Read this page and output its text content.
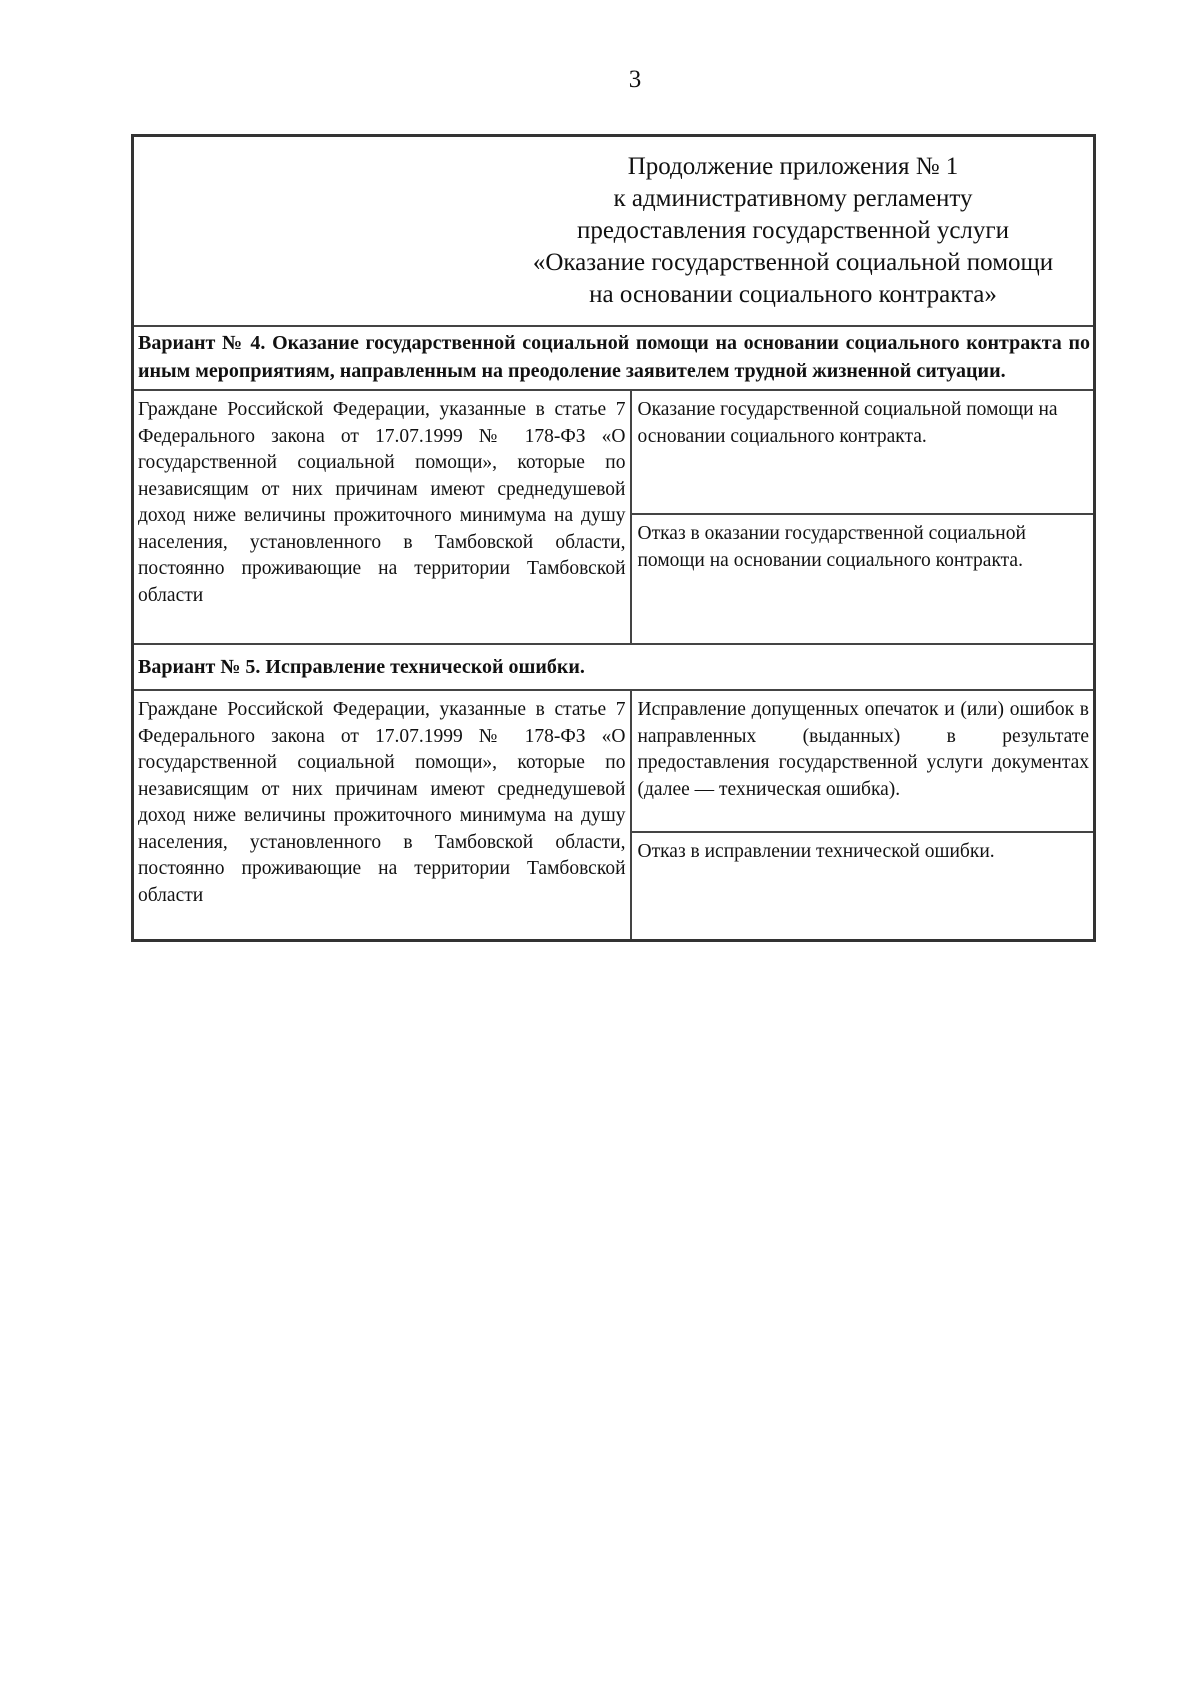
3
Продолжение приложения № 1
к административному регламенту
предоставления государственной услуги
«Оказание государственной социальной помощи
на основании социального контракта»	

Вариант № 4. Оказание государственной социальной помощи на основании социального контракта по иным мероприятиям, направленным на преодоление заявителем трудной жизненной ситуации.	
Граждане Российской Федерации, указанные в статье 7 Федерального закона от 17.07.1999 № 178-ФЗ «О государственной социальной помощи», которые по независящим от них причинам имеют среднедушевой доход ниже величины прожиточного минимума на душу населения, установленного в Тамбовской области, постоянно проживающие на территории Тамбовской области	Оказание государственной социальной помощи на основании социального контракта.
	Отказ в оказании государственной социальной помощи на основании социального контракта.
Вариант № 5. Исправление технической ошибки.	
Граждане Российской Федерации, указанные в статье 7 Федерального закона от 17.07.1999 № 178-ФЗ «О государственной социальной помощи», которые по независящим от них причинам имеют среднедушевой доход ниже величины прожиточного минимума на душу населения, установленного в Тамбовской области, постоянно проживающие на территории Тамбовской области	Исправление допущенных опечаток и (или) ошибок в направленных (выданных) в результате предоставления государственной услуги документах (далее — техническая ошибка).
	Отказ в исправлении технической ошибки.
